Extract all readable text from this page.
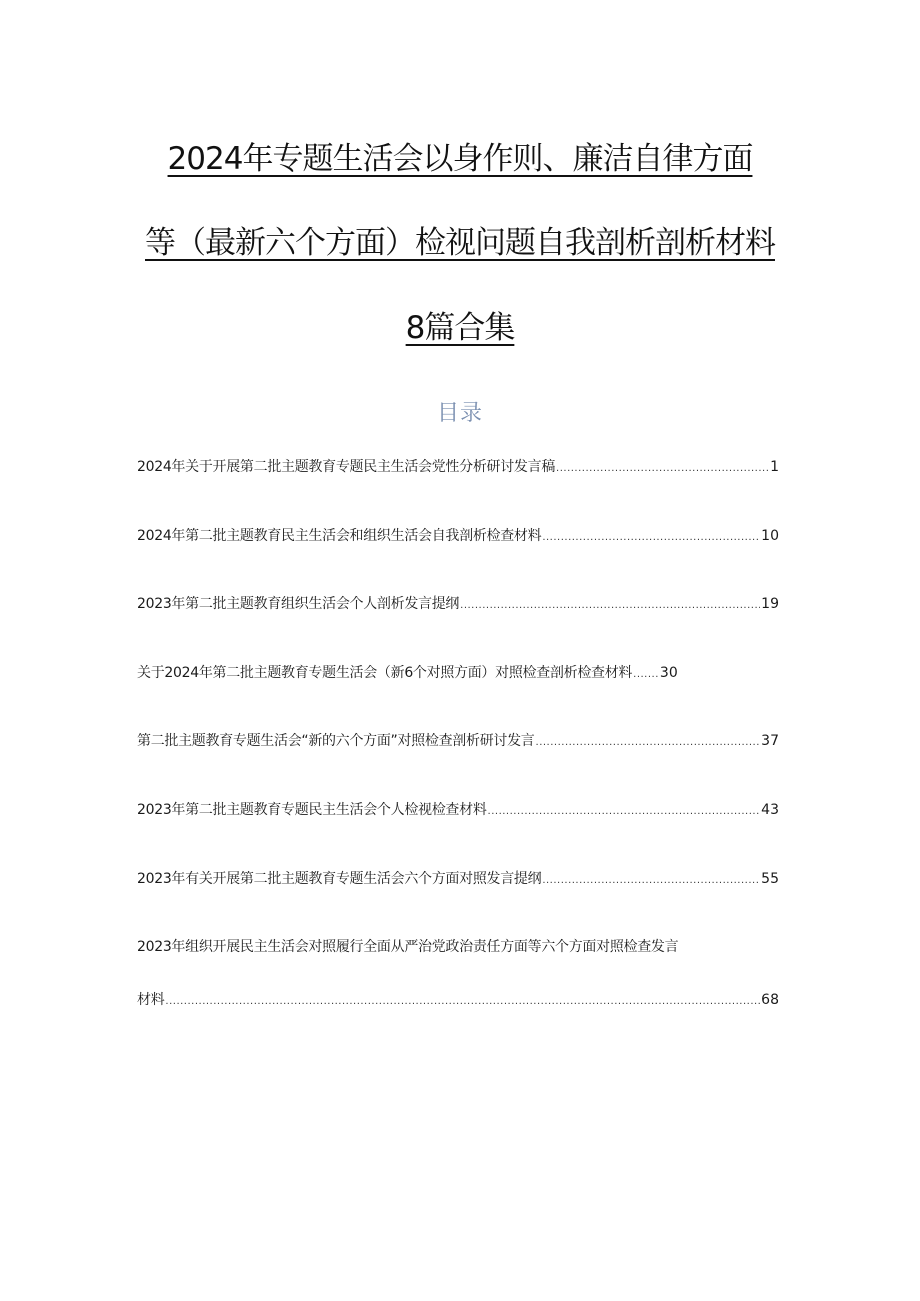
2024年专题生活会以身作则、廉洁自律方面
等（最新六个方面）检视问题自我剖析剖析材料
8篇合集
目录
2024年关于开展第二批主题教育专题民主生活会党性分析研讨发言稿 .....	1
2024年第二批主题教育民主生活会和组织生活会自我剖析检查材料 .....	10
2023年第二批主题教育组织生活会个人剖析发言提纲 .....	19
关于2024年第二批主题教育专题生活会（新6个对照方面）对照检查剖析检查材料 ....... 30
第二批主题教育专题生活会“新的六个方面”对照检查剖析研讨发言 .....	37
2023年第二批主题教育专题民主生活会个人检视检查材料 .....	43
2023年有关开展第二批主题教育专题生活会六个方面对照发言提纲 .....	55
2023年组织开展民主生活会对照履行全面从严治党政治责任方面等六个方面对照检查发言
材料 .....	68
